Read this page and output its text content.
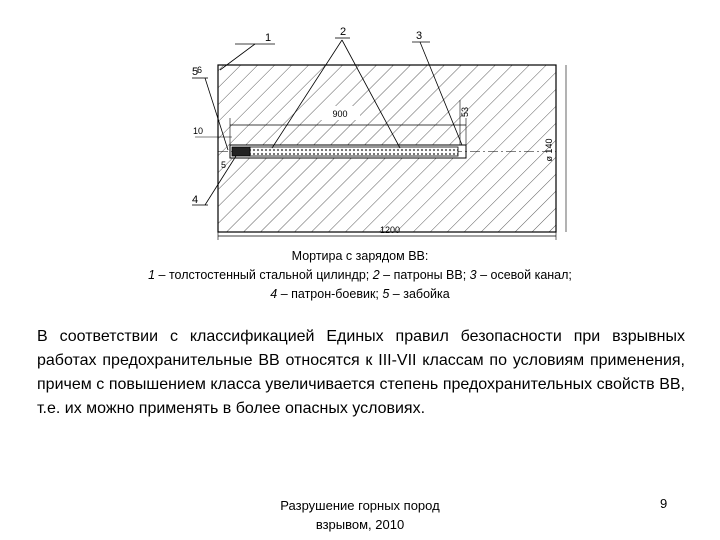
900
1200
ø 140
53
10
5
6
1	2	3
4
5
Мортира с зарядом ВВ:
1 – толстостенный стальной цилиндр; 2 – патроны ВВ; 3 – осевой канал;
4 – патрон-боевик; 5 – забойка
В соответствии с классификацией Единых правил безопасности при взрывных работах предохранительные ВВ относятся к III-VII классам по условиям применения, причем с повышением класса увеличивается степень предохранительных свойств ВВ, т.е. их можно применять в более опасных условиях.
Разрушение горных пород
взрывом, 2010
9
